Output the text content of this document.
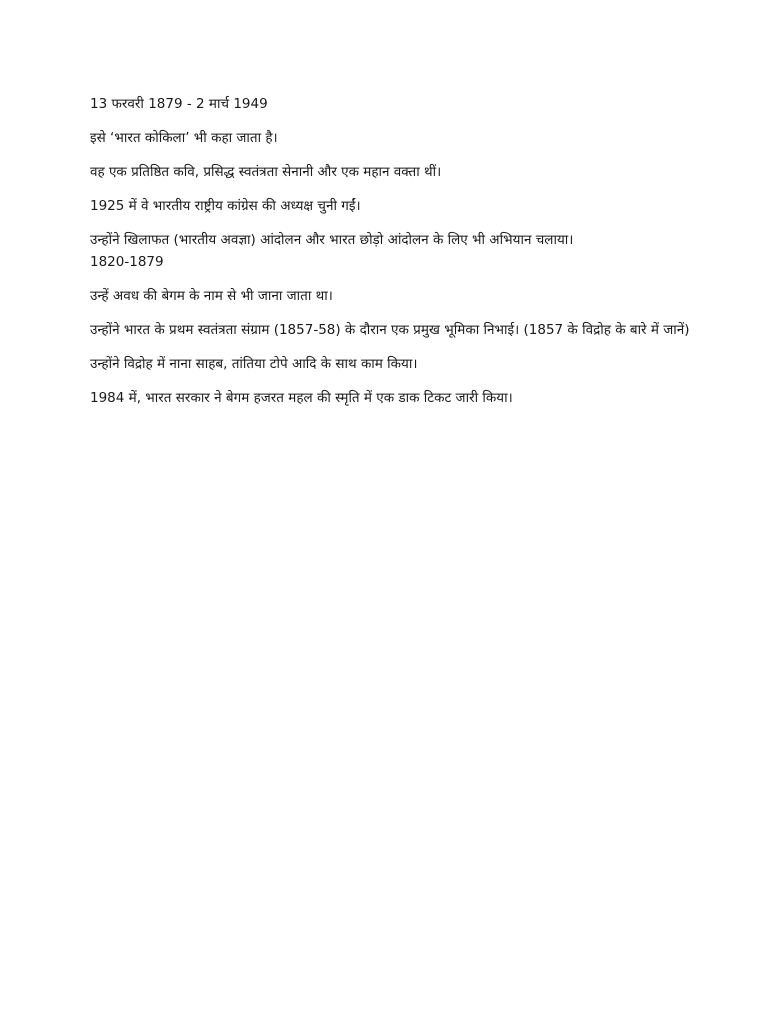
13 फरवरी 1879 - 2 मार्च 1949

इसे ‘भारत कोकिला’ भी कहा जाता है।

वह एक प्रतिष्ठित कवि, प्रसिद्ध स्वतंत्रता सेनानी और एक महान वक्ता थीं।

1925 में वे भारतीय राष्ट्रीय कांग्रेस की अध्यक्ष चुनी गईं।

उन्होंने खिलाफत (भारतीय अवज्ञा) आंदोलन और भारत छोड़ो आंदोलन के लिए भी अभियान चलाया।
1820-1879

उन्हें अवध की बेगम के नाम से भी जाना जाता था।

उन्होंने भारत के प्रथम स्वतंत्रता संग्राम (1857-58) के दौरान एक प्रमुख भूमिका निभाई। (1857 के विद्रोह के बारे में जानें)

उन्होंने विद्रोह में नाना साहब, तांतिया टोपे आदि के साथ काम किया।

1984 में, भारत सरकार ने बेगम हजरत महल की स्मृति में एक डाक टिकट जारी किया।
